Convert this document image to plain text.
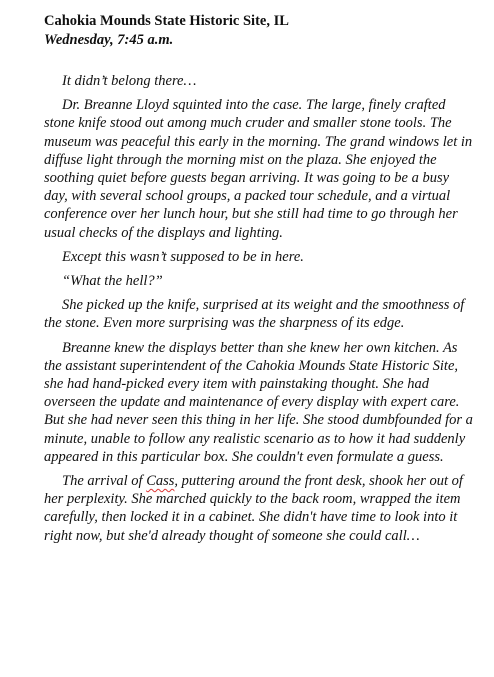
Cahokia Mounds State Historic Site, IL
Wednesday, 7:45 a.m.

It didn’t belong there…

Dr. Breanne Lloyd squinted into the case. The large, finely crafted stone knife stood out among much cruder and smaller stone tools. The museum was peaceful this early in the morning. The grand windows let in diffuse light through the morning mist on the plaza. She enjoyed the soothing quiet before guests began arriving. It was going to be a busy day, with several school groups, a packed tour schedule, and a virtual conference over her lunch hour, but she still had time to go through her usual checks of the displays and lighting.

Except this wasn’t supposed to be in here.

“What the hell?”

She picked up the knife, surprised at its weight and the smoothness of the stone. Even more surprising was the sharpness of its edge.

Breanne knew the displays better than she knew her own kitchen. As the assistant superintendent of the Cahokia Mounds State Historic Site, she had hand-picked every item with painstaking thought. She had overseen the update and maintenance of every display with expert care. But she had never seen this thing in her life. She stood dumbfounded for a minute, unable to follow any realistic scenario as to how it had suddenly appeared in this particular box. She couldn't even formulate a guess.

The arrival of Cass, puttering around the front desk, shook her out of her perplexity. She marched quickly to the back room, wrapped the item carefully, then locked it in a cabinet. She didn't have time to look into it right now, but she'd already thought of someone she could call…
